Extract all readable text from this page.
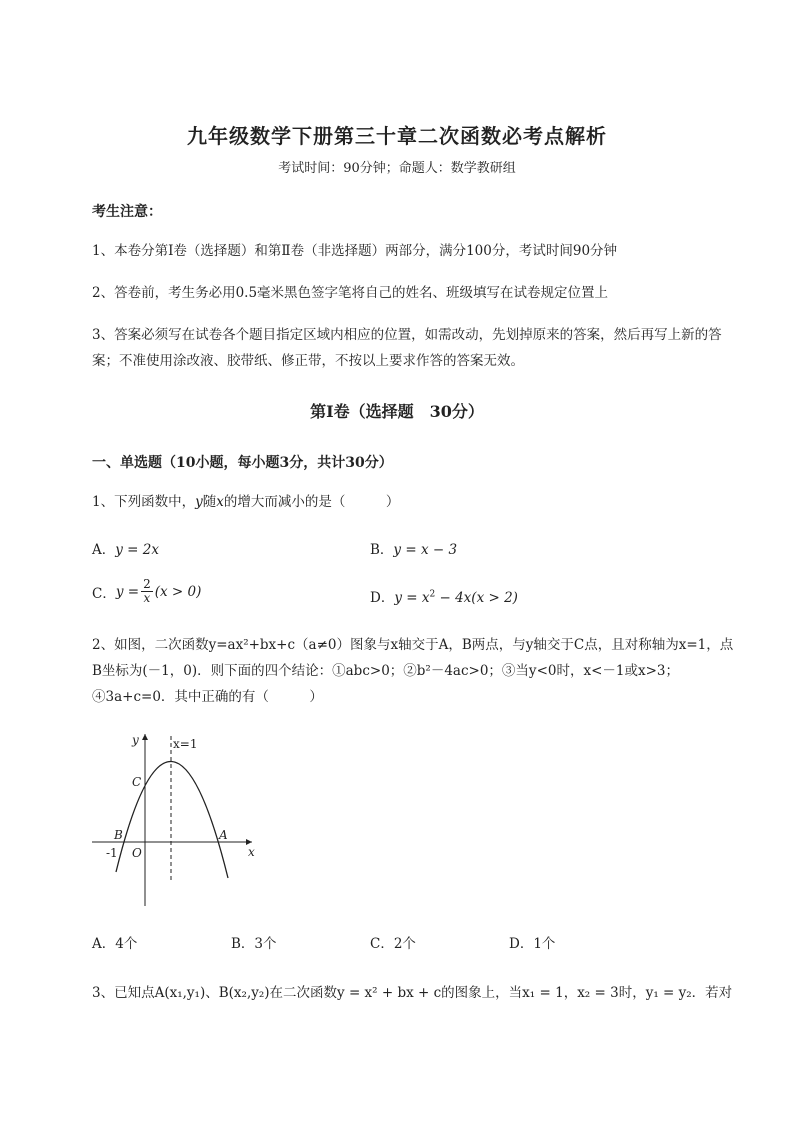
九年级数学下册第三十章二次函数必考点解析
考试时间：90分钟；命题人：数学教研组
考生注意：
1、本卷分第I卷（选择题）和第Ⅱ卷（非选择题）两部分，满分100分，考试时间90分钟
2、答卷前，考生务必用0.5毫米黑色签字笔将自己的姓名、班级填写在试卷规定位置上
3、答案必须写在试卷各个题目指定区域内相应的位置，如需改动，先划掉原来的答案，然后再写上新的答案；不准使用涂改液、胶带纸、修正带，不按以上要求作答的答案无效。
第I卷（选择题　30分）
一、单选题（10小题，每小题3分，共计30分）
1、下列函数中，y随x的增大而减小的是（　　　）
A．y = 2x	B．y = x − 3
C． $y = \frac{2}{x} (x > 0)$	D．$y = x^2 - 4x(x > 2)$
2、如图，二次函数y=ax²+bx+c（a≠0）图象与x轴交于A，B两点，与y轴交于C点，且对称轴为x=1，点B坐标为(－1，0)．则下面的四个结论：①abc>0；②b²－4ac>0；③当y<0时，x<－1或x>3；④3a+c=0．其中正确的有（　　　）
y	x=1
C
B	A
-1 O	x
A．4个	B．3个	C．2个	D．1个
3、已知点A(x₁,y₁)、B(x₂,y₂)在二次函数y = x² + bx + c的图象上，当x₁ = 1，x₂ = 3时，y₁ = y₂．若对
